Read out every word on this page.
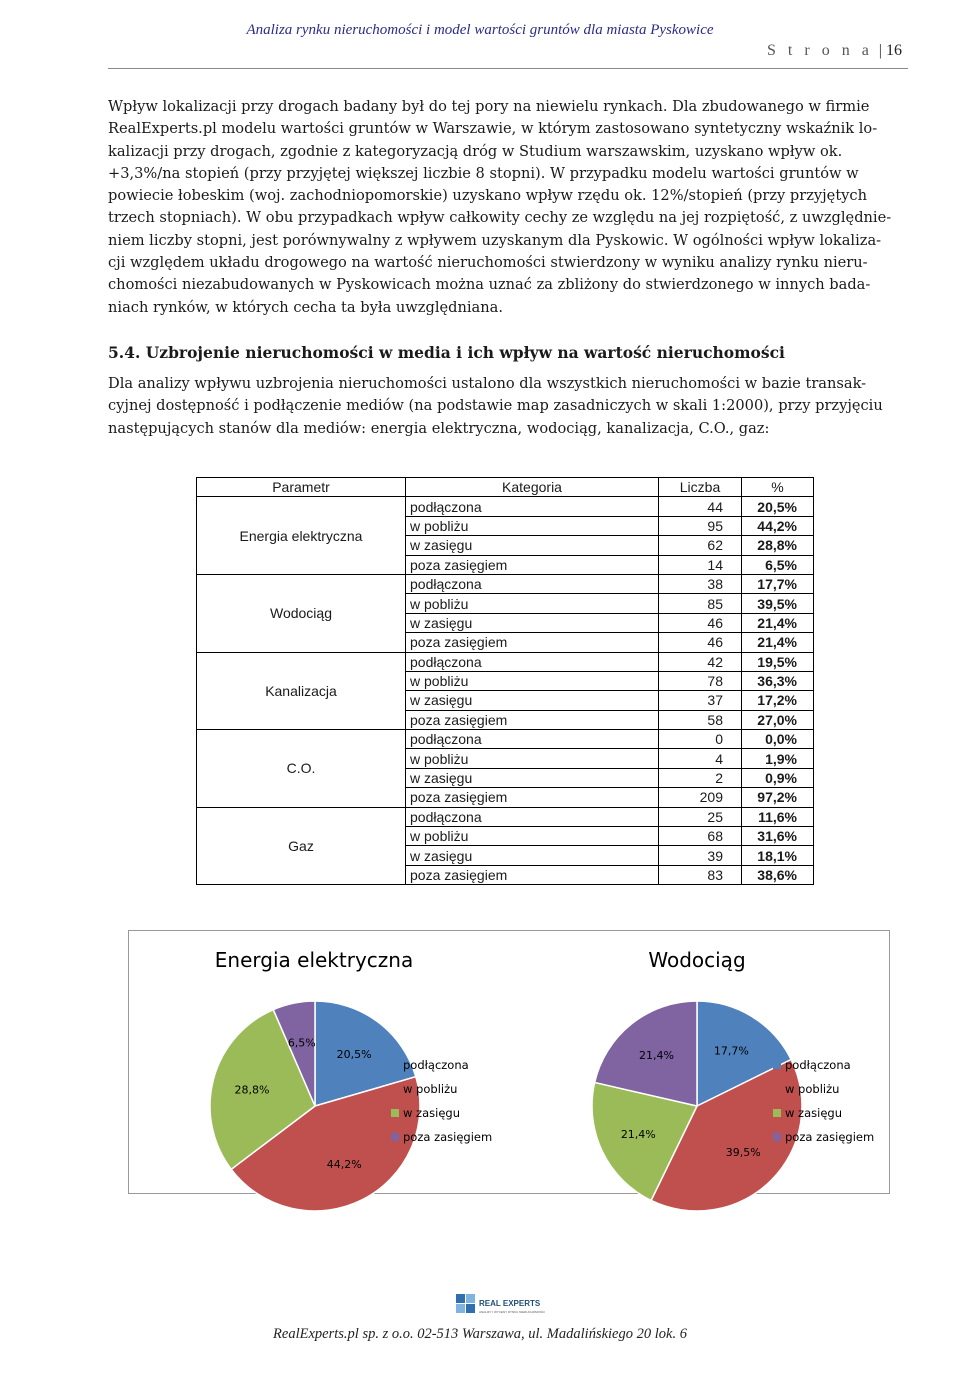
Analiza rynku nieruchomości i model wartości gruntów dla miasta Pyskowice
S t r o n a | 16
Wpływ lokalizacji przy drogach badany był do tej pory na niewielu rynkach. Dla zbudowanego w firmie
RealExperts.pl modelu wartości gruntów w Warszawie, w którym zastosowano syntetyczny wskaźnik lo-
kalizacji przy drogach, zgodnie z kategoryzacją dróg w Studium warszawskim, uzyskano wpływ ok.
+3,3%/na stopień (przy przyjętej większej liczbie 8 stopni). W przypadku modelu wartości gruntów w
powiecie łobeskim (woj. zachodniopomorskie) uzyskano wpływ rzędu ok. 12%/stopień (przy przyjętych
trzech stopniach). W obu przypadkach wpływ całkowity cechy ze względu na jej rozpiętość, z uwzględnie-
niem liczby stopni, jest porównywalny z wpływem uzyskanym dla Pyskowic. W ogólności wpływ lokaliza-
cji względem układu drogowego na wartość nieruchomości stwierdzony w wyniku analizy rynku nieru-
chomości niezabudowanych w Pyskowicach można uznać za zbliżony do stwierdzonego w innych bada-
niach rynków, w których cecha ta była uwzględniana.
5.4. Uzbrojenie nieruchomości w media i ich wpływ na wartość nieruchomości
Dla analizy wpływu uzbrojenia nieruchomości ustalono dla wszystkich nieruchomości w bazie transak-
cyjnej dostępność i podłączenie mediów (na podstawie map zasadniczych w skali 1:2000), przy przyjęciu
następujących stanów dla mediów: energia elektryczna, wodociąg, kanalizacja, C.O., gaz:
Parametr	Kategoria	Liczba	%
Energia elektryczna	podłączona	44	20,5%
	w pobliżu	95	44,2%
	w zasięgu	62	28,8%
	poza zasięgiem	14	6,5%
Wodociąg	podłączona	38	17,7%
	w pobliżu	85	39,5%
	w zasięgu	46	21,4%
	poza zasięgiem	46	21,4%
Kanalizacja	podłączona	42	19,5%
	w pobliżu	78	36,3%
	w zasięgu	37	17,2%
	poza zasięgiem	58	27,0%
C.O.	podłączona	0	0,0%
	w pobliżu	4	1,9%
	w zasięgu	2	0,9%
	poza zasięgiem	209	97,2%
Gaz	podłączona	25	11,6%
	w pobliżu	68	31,6%
	w zasięgu	39	18,1%
	poza zasięgiem	83	38,6%
Energia elektryczna
20,5%
44,2%
28,8%
6,5%
podłączona
w pobliżu
w zasięgu
poza zasięgiem
Wodociąg
17,7%
39,5%
21,4%
21,4%
podłączona
w pobliżu
w zasięgu
poza zasięgiem
REAL EXPERTS
ANALIZY I WYCENY RYNKU NIERUCHOMOŚCI
RealExperts.pl sp. z o.o. 02-513 Warszawa, ul. Madalińskiego 20 lok. 6
